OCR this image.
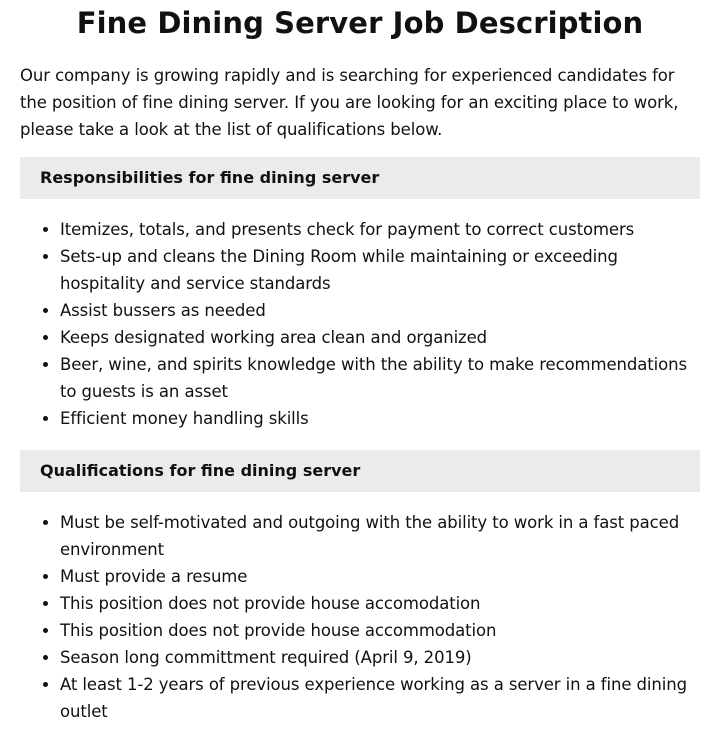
Fine Dining Server Job Description

Our company is growing rapidly and is searching for experienced candidates for the position of fine dining server. If you are looking for an exciting place to work, please take a look at the list of qualifications below.

Responsibilities for fine dining server
• Itemizes, totals, and presents check for payment to correct customers
• Sets-up and cleans the Dining Room while maintaining or exceeding hospitality and service standards
• Assist bussers as needed
• Keeps designated working area clean and organized
• Beer, wine, and spirits knowledge with the ability to make recommendations to guests is an asset
• Efficient money handling skills
Qualifications for fine dining server
• Must be self-motivated and outgoing with the ability to work in a fast paced environment
• Must provide a resume
• This position does not provide house accomodation
• This position does not provide house accommodation
• Season long committment required (April 9, 2019)
• At least 1-2 years of previous experience working as a server in a fine dining outlet
